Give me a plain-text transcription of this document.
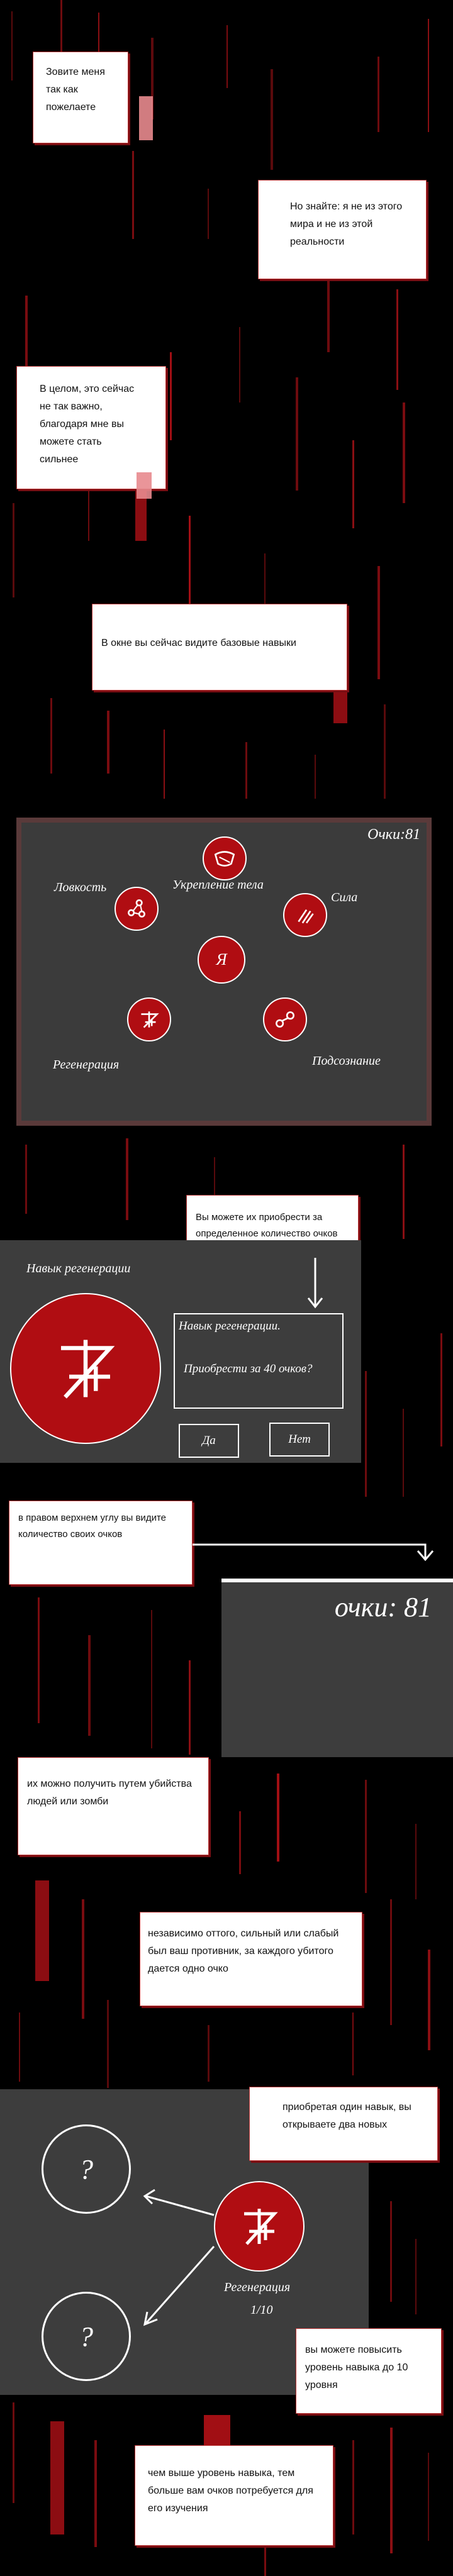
Зовите меня так как пожелаете
Но знайте: я не из этого мира и не из этой реальности
В целом, это сейчас не так важно, благодаря мне вы можете стать сильнее
В окне вы сейчас видите базовые навыки
Очки:81
Укрепление тела
Ловкость
Сила
Я
Регенерация	Подсознание
Вы можете их приобрести за определенное количество очков
Навык регенерации
Навык регенерации.
Приобрести за 40 очков?
Да	Нет
в правом верхнем углу вы видите количество своих очков
очки: 81
их можно получить путем убийства людей или зомби
независимо оттого, сильный или слабый был ваш противник, за каждого убитого дается одно очко
?
?
Регенерация
1/10
приобретая один навык, вы открываете два новых
вы можете повысить уровень навыка до 10 уровня
чем выше уровень навыка, тем больше вам очков потребуется для его изучения
